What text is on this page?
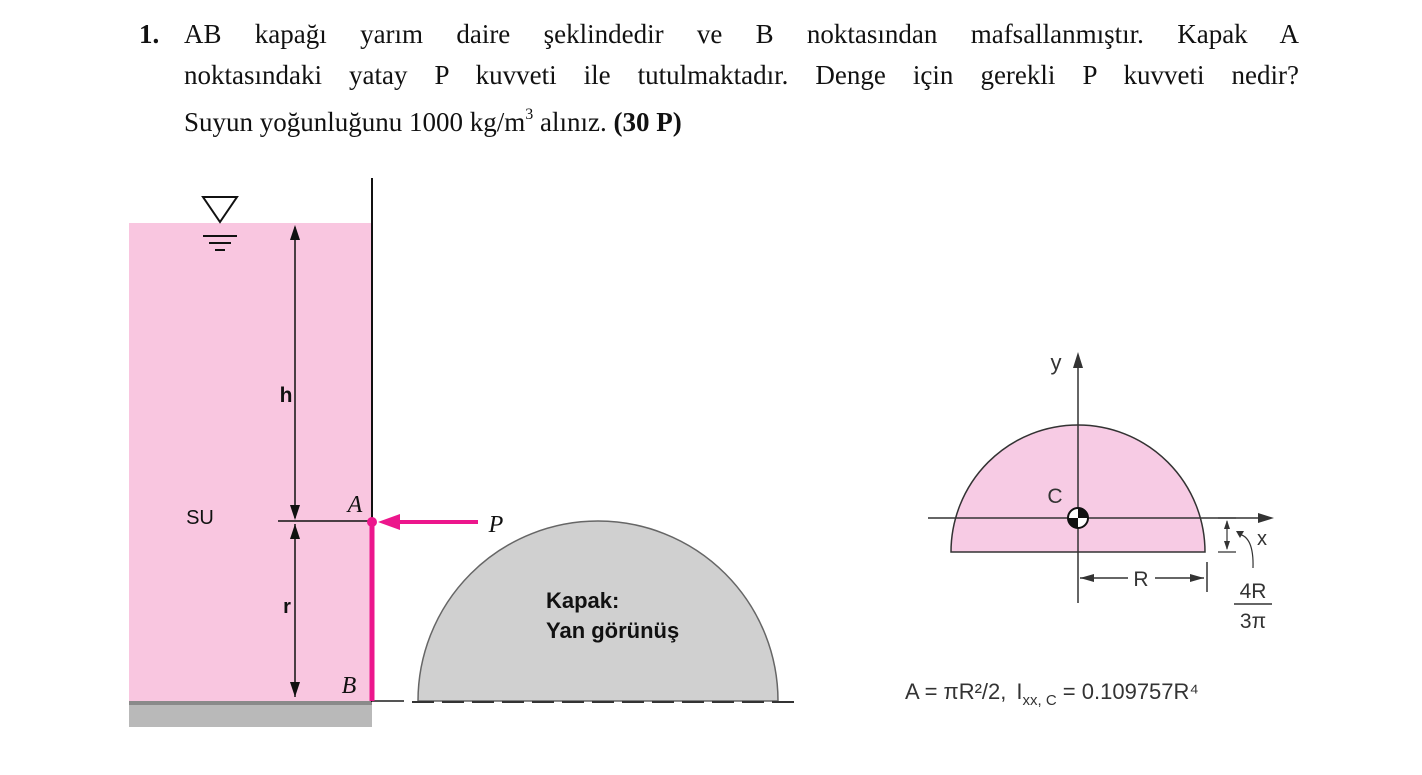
1. AB kapağı yarım daire şeklindedir ve B noktasından mafsallanmıştır. Kapak A
noktasındaki yatay P kuvveti ile tutulmaktadır. Denge için gerekli P kuvveti nedir?
Suyun yoğunluğunu 1000 $kg/m^3$ alınız. (30 P)
h
r
SU	A
B
P
Kapak:
Yan görünüş
y
x
C
R
4R
3π
A = πR²/2, $I_{xx, C} = 0.109757R^4$
